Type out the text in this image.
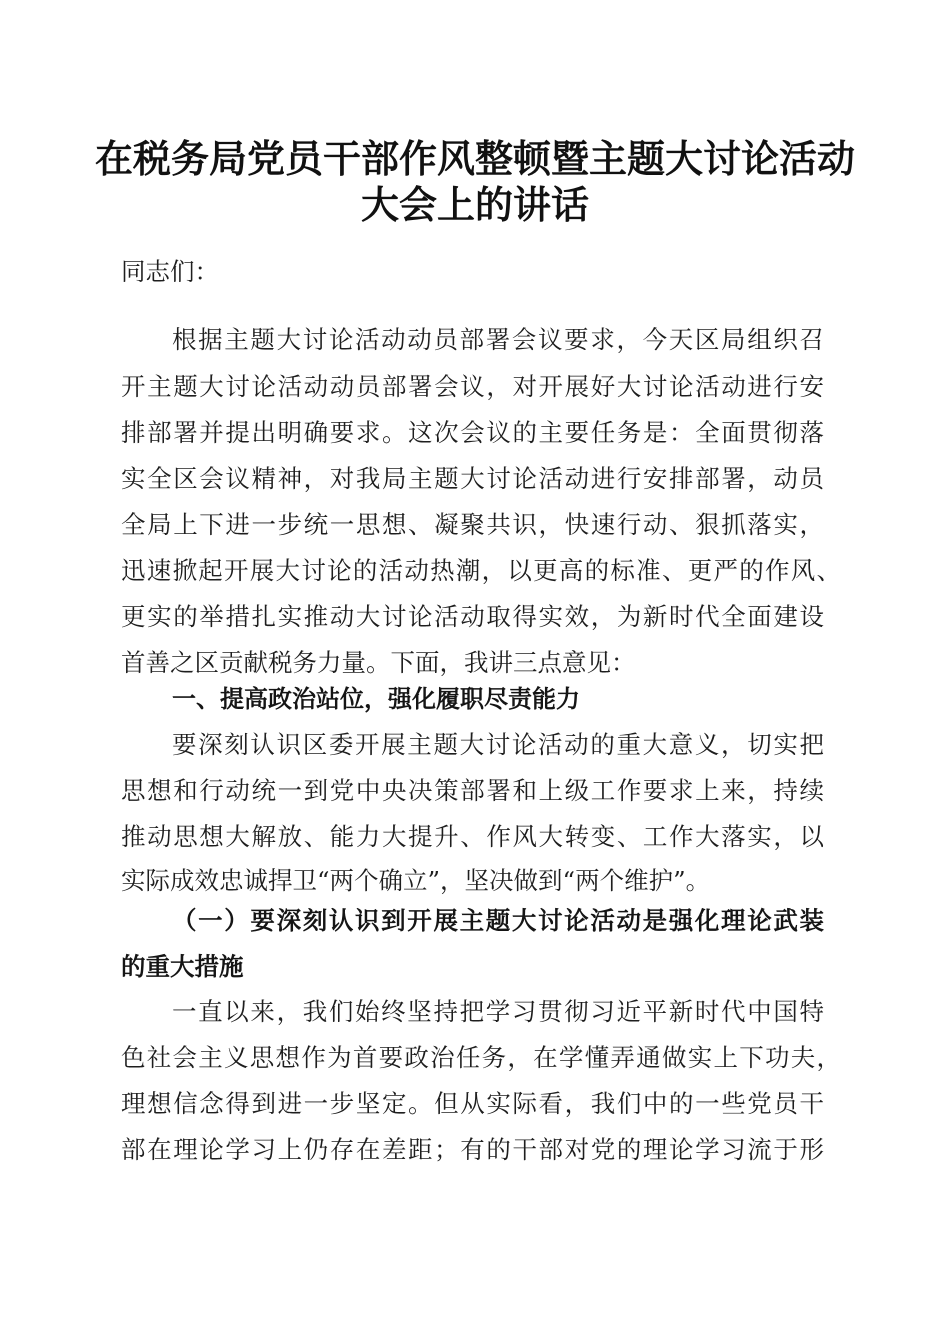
在税务局党员干部作风整顿暨主题大讨论活动
大会上的讲话
同志们：
根据主题大讨论活动动员部署会议要求，今天区局组织召
开主题大讨论活动动员部署会议，对开展好大讨论活动进行安
排部署并提出明确要求。这次会议的主要任务是：全面贯彻落
实全区会议精神，对我局主题大讨论活动进行安排部署，动员
全局上下进一步统一思想、凝聚共识，快速行动、狠抓落实，
迅速掀起开展大讨论的活动热潮，以更高的标准、更严的作风、
更实的举措扎实推动大讨论活动取得实效，为新时代全面建设
首善之区贡献税务力量。下面，我讲三点意见：
一、提高政治站位，强化履职尽责能力
要深刻认识区委开展主题大讨论活动的重大意义，切实把
思想和行动统一到党中央决策部署和上级工作要求上来，持续
推动思想大解放、能力大提升、作风大转变、工作大落实，以
实际成效忠诚捍卫“两个确立”，坚决做到“两个维护”。
（一）要深刻认识到开展主题大讨论活动是强化理论武装
的重大措施
一直以来，我们始终坚持把学习贯彻习近平新时代中国特
色社会主义思想作为首要政治任务，在学懂弄通做实上下功夫，
理想信念得到进一步坚定。但从实际看，我们中的一些党员干
部在理论学习上仍存在差距；有的干部对党的理论学习流于形
